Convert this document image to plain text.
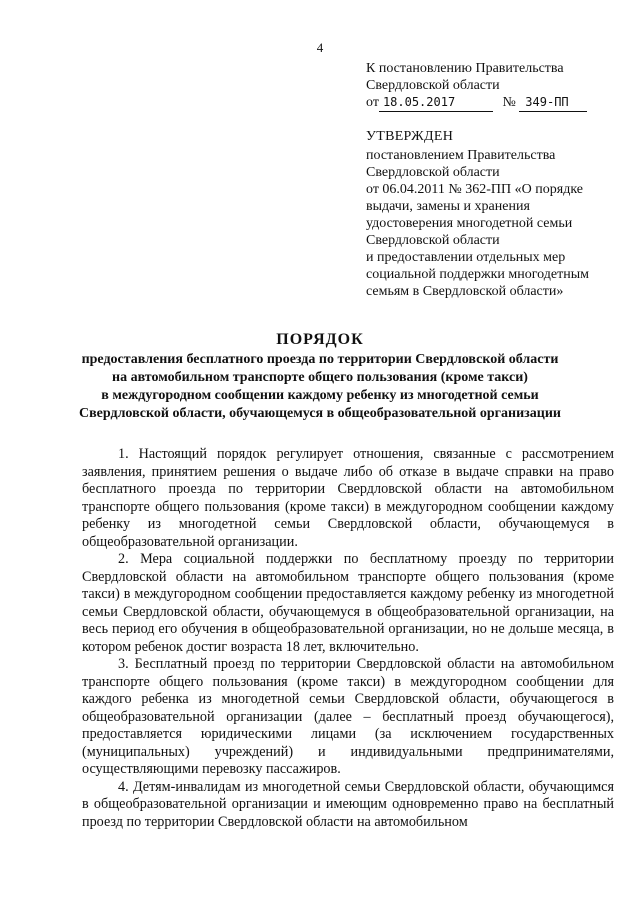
4
К постановлению Правительства
Свердловской области
от 18.05.2017	№ 349-ПП
УТВЕРЖДЕН
постановлением Правительства
Свердловской области
от 06.04.2011 № 362-ПП «О порядке
выдачи, замены и хранения
удостоверения многодетной семьи
Свердловской области
и предоставлении отдельных мер
социальной поддержки многодетным
семьям в Свердловской области»
ПОРЯДОК
предоставления бесплатного проезда по территории Свердловской области
на автомобильном транспорте общего пользования (кроме такси)
в междугородном сообщении каждому ребенку из многодетной семьи
Свердловской области, обучающемуся в общеобразовательной организации

1. Настоящий порядок регулирует отношения, связанные с рассмотрением заявления, принятием решения о выдаче либо об отказе в выдаче справки на право бесплатного проезда по территории Свердловской области на автомобильном транспорте общего пользования (кроме такси) в междугородном сообщении каждому ребенку из многодетной семьи Свердловской области, обучающемуся в общеобразовательной организации.

2. Мера социальной поддержки по бесплатному проезду по территории Свердловской области на автомобильном транспорте общего пользования (кроме такси) в междугородном сообщении предоставляется каждому ребенку из многодетной семьи Свердловской области, обучающемуся в общеобразовательной организации, на весь период его обучения в общеобразовательной организации, но не дольше месяца, в котором ребенок достиг возраста 18 лет, включительно.

3. Бесплатный проезд по территории Свердловской области на автомобильном транспорте общего пользования (кроме такси) в междугородном сообщении для каждого ребенка из многодетной семьи Свердловской области, обучающегося в общеобразовательной организации (далее – бесплатный проезд обучающегося), предоставляется юридическими лицами (за исключением государственных (муниципальных) учреждений) и индивидуальными предпринимателями, осуществляющими перевозку пассажиров.

4. Детям-инвалидам из многодетной семьи Свердловской области, обучающимся в общеобразовательной организации и имеющим одновременно право на бесплатный проезд по территории Свердловской области на автомобильном
